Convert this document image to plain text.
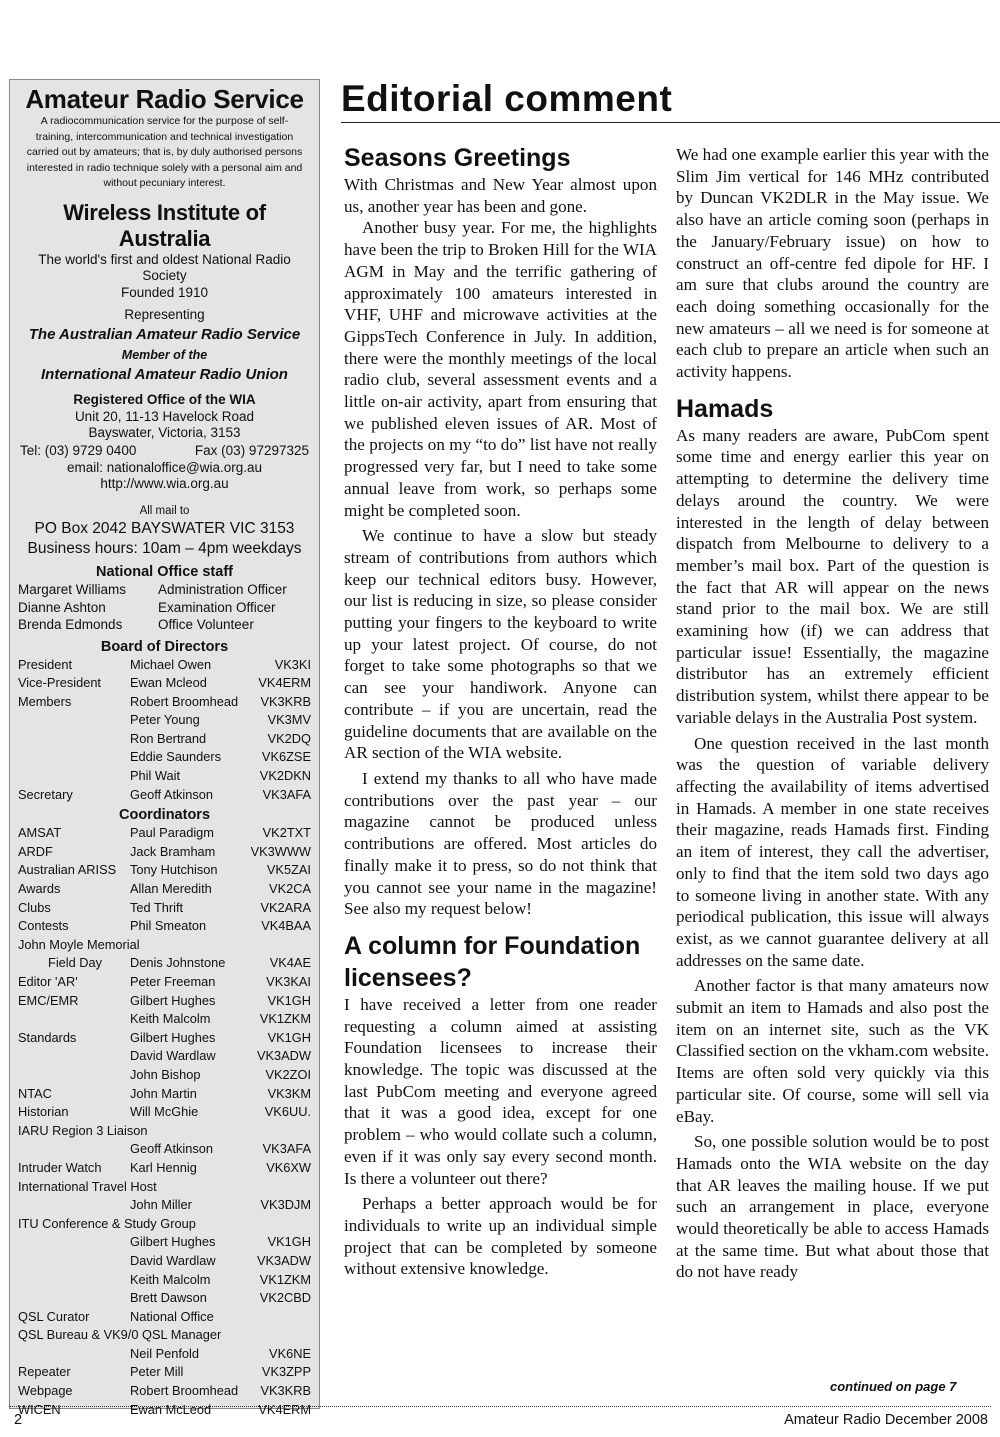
Amateur Radio Service
A radiocommunication service for the purpose of self-training, intercommunication and technical investigation carried out by amateurs; that is, by duly authorised persons interested in radio technique solely with a personal aim and without pecuniary interest.
Wireless Institute of Australia
The world's first and oldest National Radio Society
Founded 1910
Representing
The Australian Amateur Radio Service
Member of the
International Amateur Radio Union
Registered Office of the WIA
Unit 20, 11-13 Havelock Road
Bayswater, Victoria, 3153
Tel: (03) 9729 0400	Fax (03) 97297325
email: nationaloffice@wia.org.au
http://www.wia.org.au
All mail to
PO Box 2042 BAYSWATER VIC 3153
Business hours: 10am – 4pm weekdays
National Office staff
Margaret Williams	Administration Officer
Dianne Ashton	Examination Officer
Brenda Edmonds	Office Volunteer
Board of Directors
President	Michael Owen	VK3KI
Vice-President	Ewan Mcleod	VK4ERM
Members	Robert Broomhead	VK3KRB
Peter Young	VK3MV
Ron Bertrand	VK2DQ
Eddie Saunders	VK6ZSE
Phil Wait	VK2DKN
Secretary	Geoff Atkinson	VK3AFA
Coordinators
AMSAT	Paul Paradigm	VK2TXT
ARDF	Jack Bramham	VK3WWW
Australian ARISS	Tony Hutchison	VK5ZAI
Awards	Allan Meredith	VK2CA
Clubs	Ted Thrift	VK2ARA
Contests	Phil Smeaton	VK4BAA
John Moyle Memorial
Field Day	Denis Johnstone	VK4AE
Editor 'AR'	Peter Freeman	VK3KAI
EMC/EMR	Gilbert Hughes	VK1GH
Keith Malcolm	VK1ZKM
Standards	Gilbert Hughes	VK1GH
David Wardlaw	VK3ADW
John Bishop	VK2ZOI
NTAC	John Martin	VK3KM
Historian	Will McGhie	VK6UU.
IARU Region 3 Liaison
Geoff Atkinson	VK3AFA
Intruder Watch	Karl Hennig	VK6XW
International Travel Host
John Miller	VK3DJM
ITU Conference & Study Group
Gilbert Hughes	VK1GH
David Wardlaw	VK3ADW
Keith Malcolm	VK1ZKM
Brett Dawson	VK2CBD
QSL Curator	National Office
QSL Bureau & VK9/0 QSL Manager
Neil Penfold	VK6NE
Repeater	Peter Mill	VK3ZPP
Webpage	Robert Broomhead	VK3KRB
WICEN	Ewan McLeod	VK4ERM
Editorial comment
Seasons Greetings

With Christmas and New Year almost upon us, another year has been and gone.

Another busy year. For me, the highlights have been the trip to Broken Hill for the WIA AGM in May and the terrific gathering of approximately 100 amateurs interested in VHF, UHF and microwave activities at the GippsTech Conference in July. In addition, there were the monthly meetings of the local radio club, several assessment events and a little on-air activity, apart from ensuring that we published eleven issues of AR. Most of the projects on my “to do” list have not really progressed very far, but I need to take some annual leave from work, so perhaps some might be completed soon.

We continue to have a slow but steady stream of contributions from authors which keep our technical editors busy. However, our list is reducing in size, so please consider putting your fingers to the keyboard to write up your latest project. Of course, do not forget to take some photographs so that we can see your handiwork. Anyone can contribute – if you are uncertain, read the guideline documents that are available on the AR section of the WIA website.

I extend my thanks to all who have made contributions over the past year – our magazine cannot be produced unless contributions are offered. Most articles do finally make it to press, so do not think that you cannot see your name in the magazine! See also my request below!

A column for Foundation licensees?

I have received a letter from one reader requesting a column aimed at assisting Foundation licensees to increase their knowledge. The topic was discussed at the last PubCom meeting and everyone agreed that it was a good idea, except for one problem – who would collate such a column, even if it was only say every second month. Is there a volunteer out there?

Perhaps a better approach would be for individuals to write up an individual simple project that can be completed by someone without extensive knowledge.

We had one example earlier this year with the Slim Jim vertical for 146 MHz contributed by Duncan VK2DLR in the May issue. We also have an article coming soon (perhaps in the January/February issue) on how to construct an off-centre fed dipole for HF. I am sure that clubs around the country are each doing something occasionally for the new amateurs – all we need is for someone at each club to prepare an article when such an activity happens.

Hamads

As many readers are aware, PubCom spent some time and energy earlier this year on attempting to determine the delivery time delays around the country. We were interested in the length of delay between dispatch from Melbourne to delivery to a member’s mail box. Part of the question is the fact that AR will appear on the news stand prior to the mail box. We are still examining how (if) we can address that particular issue! Essentially, the magazine distributor has an extremely efficient distribution system, whilst there appear to be variable delays in the Australia Post system.

One question received in the last month was the question of variable delivery affecting the availability of items advertised in Hamads. A member in one state receives their magazine, reads Hamads first. Finding an item of interest, they call the advertiser, only to find that the item sold two days ago to someone living in another state. With any periodical publication, this issue will always exist, as we cannot guarantee delivery at all addresses on the same date.

Another factor is that many amateurs now submit an item to Hamads and also post the item on an internet site, such as the VK Classified section on the vkham.com website. Items are often sold very quickly via this particular site. Of course, some will sell via eBay.

So, one possible solution would be to post Hamads onto the WIA website on the day that AR leaves the mailing house. If we put such an arrangement in place, everyone would theoretically be able to access Hamads at the same time. But what about those that do not have ready

continued on page 7
2	Amateur Radio December 2008
